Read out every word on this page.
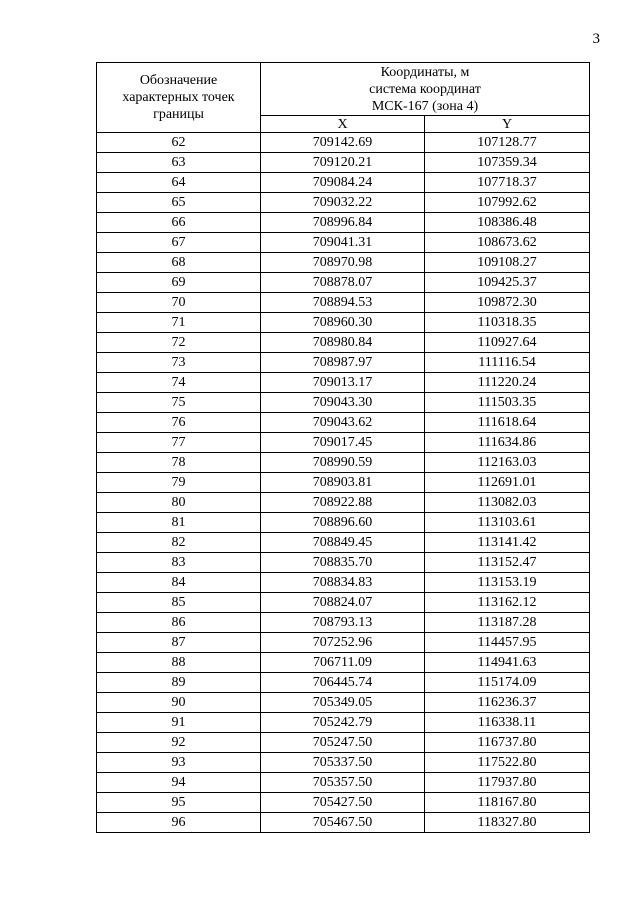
3
Обозначение
характерных точек
границы	Координаты, м
система координат
МСК-167 (зона 4)	
	X	Y
62	709142.69	107128.77
63	709120.21	107359.34
64	709084.24	107718.37
65	709032.22	107992.62
66	708996.84	108386.48
67	709041.31	108673.62
68	708970.98	109108.27
69	708878.07	109425.37
70	708894.53	109872.30
71	708960.30	110318.35
72	708980.84	110927.64
73	708987.97	111116.54
74	709013.17	111220.24
75	709043.30	111503.35
76	709043.62	111618.64
77	709017.45	111634.86
78	708990.59	112163.03
79	708903.81	112691.01
80	708922.88	113082.03
81	708896.60	113103.61
82	708849.45	113141.42
83	708835.70	113152.47
84	708834.83	113153.19
85	708824.07	113162.12
86	708793.13	113187.28
87	707252.96	114457.95
88	706711.09	114941.63
89	706445.74	115174.09
90	705349.05	116236.37
91	705242.79	116338.11
92	705247.50	116737.80
93	705337.50	117522.80
94	705357.50	117937.80
95	705427.50	118167.80
96	705467.50	118327.80
